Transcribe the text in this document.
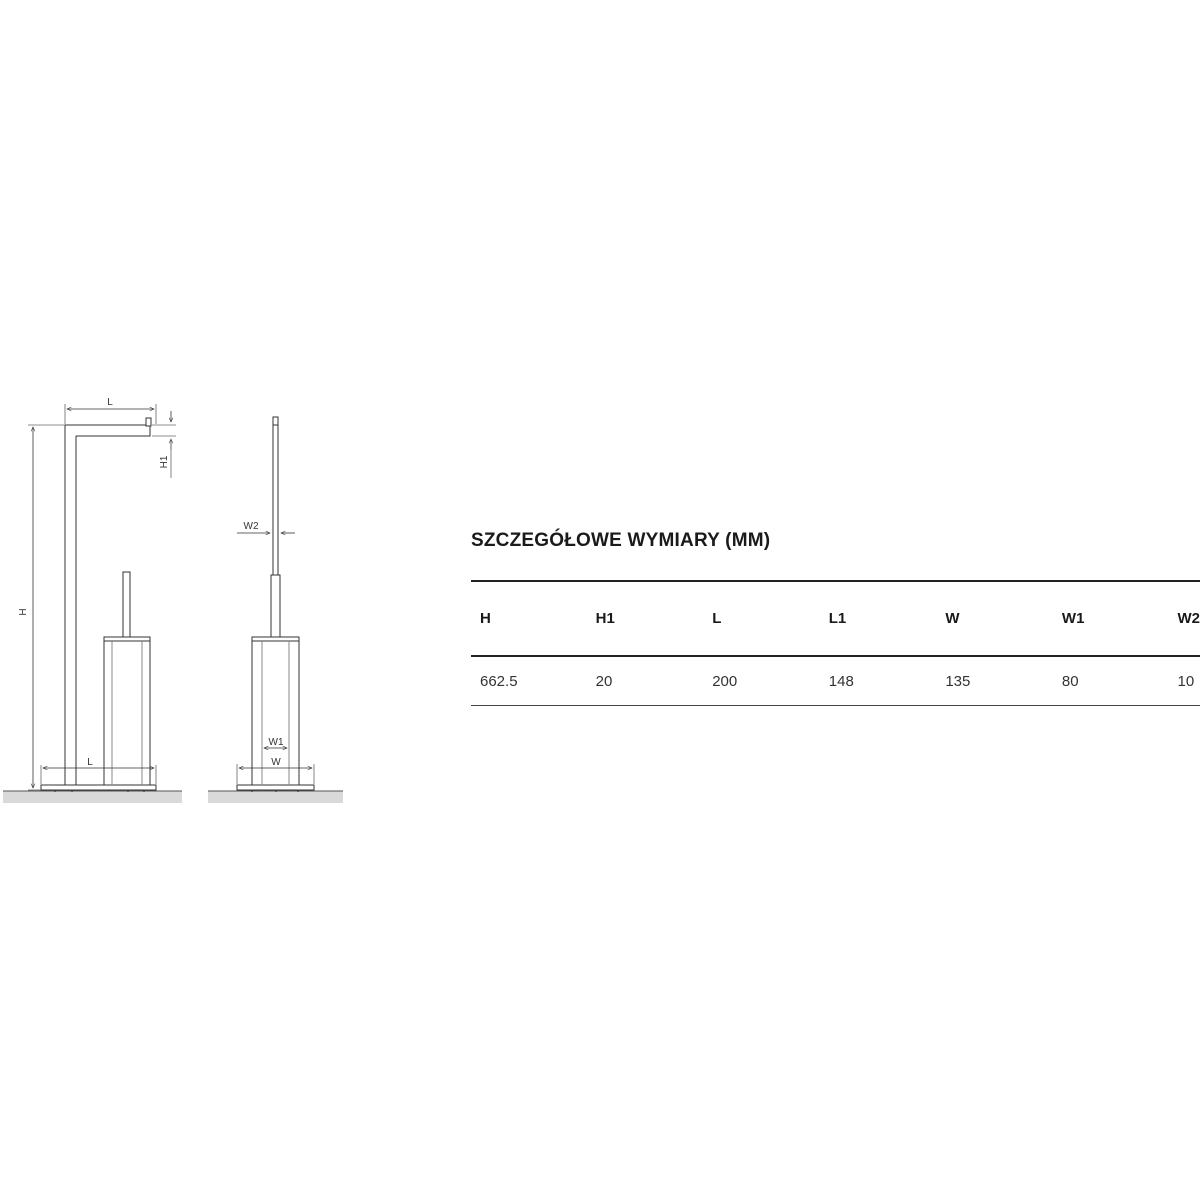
H
L
H1
L
W2
W1
W
SZCZEGÓŁOWE WYMIARY (MM)
H	H1	L	L1	W	W1	W2
662.5	20	200	148	135	80	10
